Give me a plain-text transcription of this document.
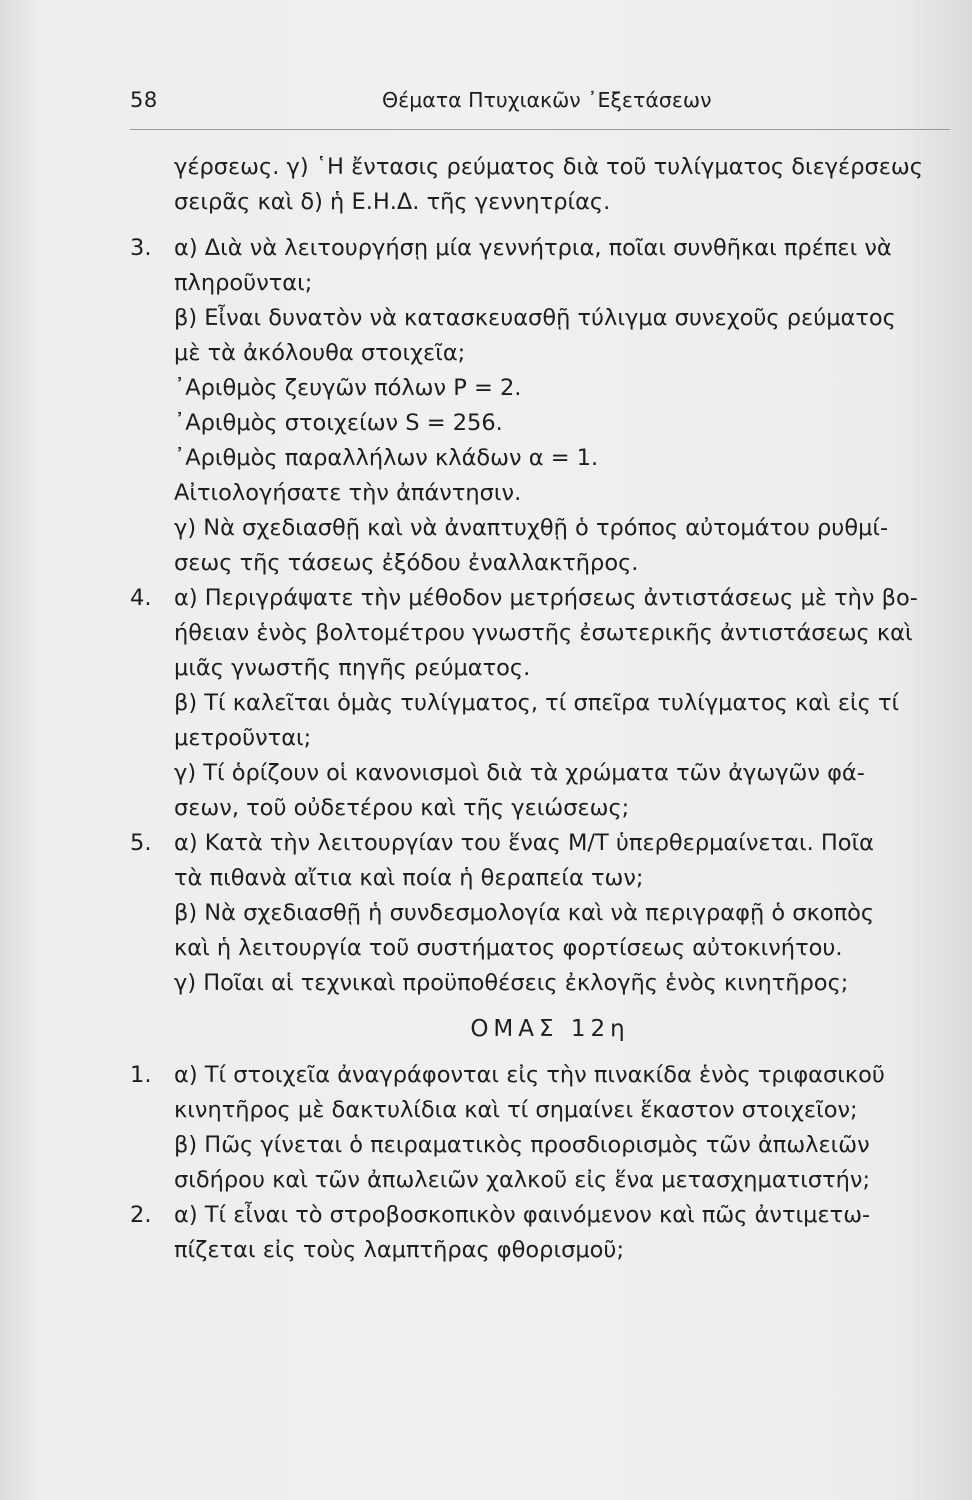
58	Θέματα Πτυχιακῶν ᾿Εξετάσεων
γέρσεως. γ) ῾Η ἔντασις ρεύματος διὰ τοῦ τυλίγματος διεγέρσεως
σειρᾶς καὶ δ) ἡ Ε.Η.Δ. τῆς γεννητρίας.
3. α) Διὰ νὰ λειτουργήσῃ μία γεννήτρια, ποῖαι συνθῆκαι πρέπει νὰ
πληροῦνται;
β) Εἶναι δυνατὸν νὰ κατασκευασθῇ τύλιγμα συνεχοῦς ρεύματος
μὲ τὰ ἀκόλουθα στοιχεῖα;
᾿Αριθμὸς ζευγῶν πόλων P = 2.
᾿Αριθμὸς στοιχείων S = 256.
᾿Αριθμὸς παραλλήλων κλάδων α = 1.
Αἰτιολογήσατε τὴν ἀπάντησιν.
γ) Νὰ σχεδιασθῇ καὶ νὰ ἀναπτυχθῇ ὁ τρόπος αὐτομάτου ρυθμί-
σεως τῆς τάσεως ἐξόδου ἐναλλακτῆρος.
4. α) Περιγράψατε τὴν μέθοδον μετρήσεως ἀντιστάσεως μὲ τὴν βο-
ήθειαν ἑνὸς βολτομέτρου γνωστῆς ἐσωτερικῆς ἀντιστάσεως καὶ
μιᾶς γνωστῆς πηγῆς ρεύματος.
β) Τί καλεῖται ὁμὰς τυλίγματος, τί σπεῖρα τυλίγματος καὶ εἰς τί
μετροῦνται;
γ) Τί ὁρίζουν οἱ κανονισμοὶ διὰ τὰ χρώματα τῶν ἀγωγῶν φά-
σεων, τοῦ οὐδετέρου καὶ τῆς γειώσεως;
5. α) Κατὰ τὴν λειτουργίαν του ἕνας M/T ὑπερθερμαίνεται. Ποῖα
τὰ πιθανὰ αἴτια καὶ ποία ἡ θεραπεία των;
β) Νὰ σχεδιασθῇ ἡ συνδεσμολογία καὶ νὰ περιγραφῇ ὁ σκοπὸς
καὶ ἡ λειτουργία τοῦ συστήματος φορτίσεως αὐτοκινήτου.
γ) Ποῖαι αἱ τεχνικαὶ προϋποθέσεις ἐκλογῆς ἑνὸς κινητῆρος;
ΟΜΑΣ 12η
1. α) Τί στοιχεῖα ἀναγράφονται εἰς τὴν πινακίδα ἑνὸς τριφασικοῦ
κινητῆρος μὲ δακτυλίδια καὶ τί σημαίνει ἕκαστον στοιχεῖον;
β) Πῶς γίνεται ὁ πειραματικὸς προσδιορισμὸς τῶν ἀπωλειῶν
σιδήρου καὶ τῶν ἀπωλειῶν χαλκοῦ εἰς ἕνα μετασχηματιστήν;
2. α) Τί εἶναι τὸ στροβοσκοπικὸν φαινόμενον καὶ πῶς ἀντιμετω-
πίζεται εἰς τοὺς λαμπτῆρας φθορισμοῦ;
